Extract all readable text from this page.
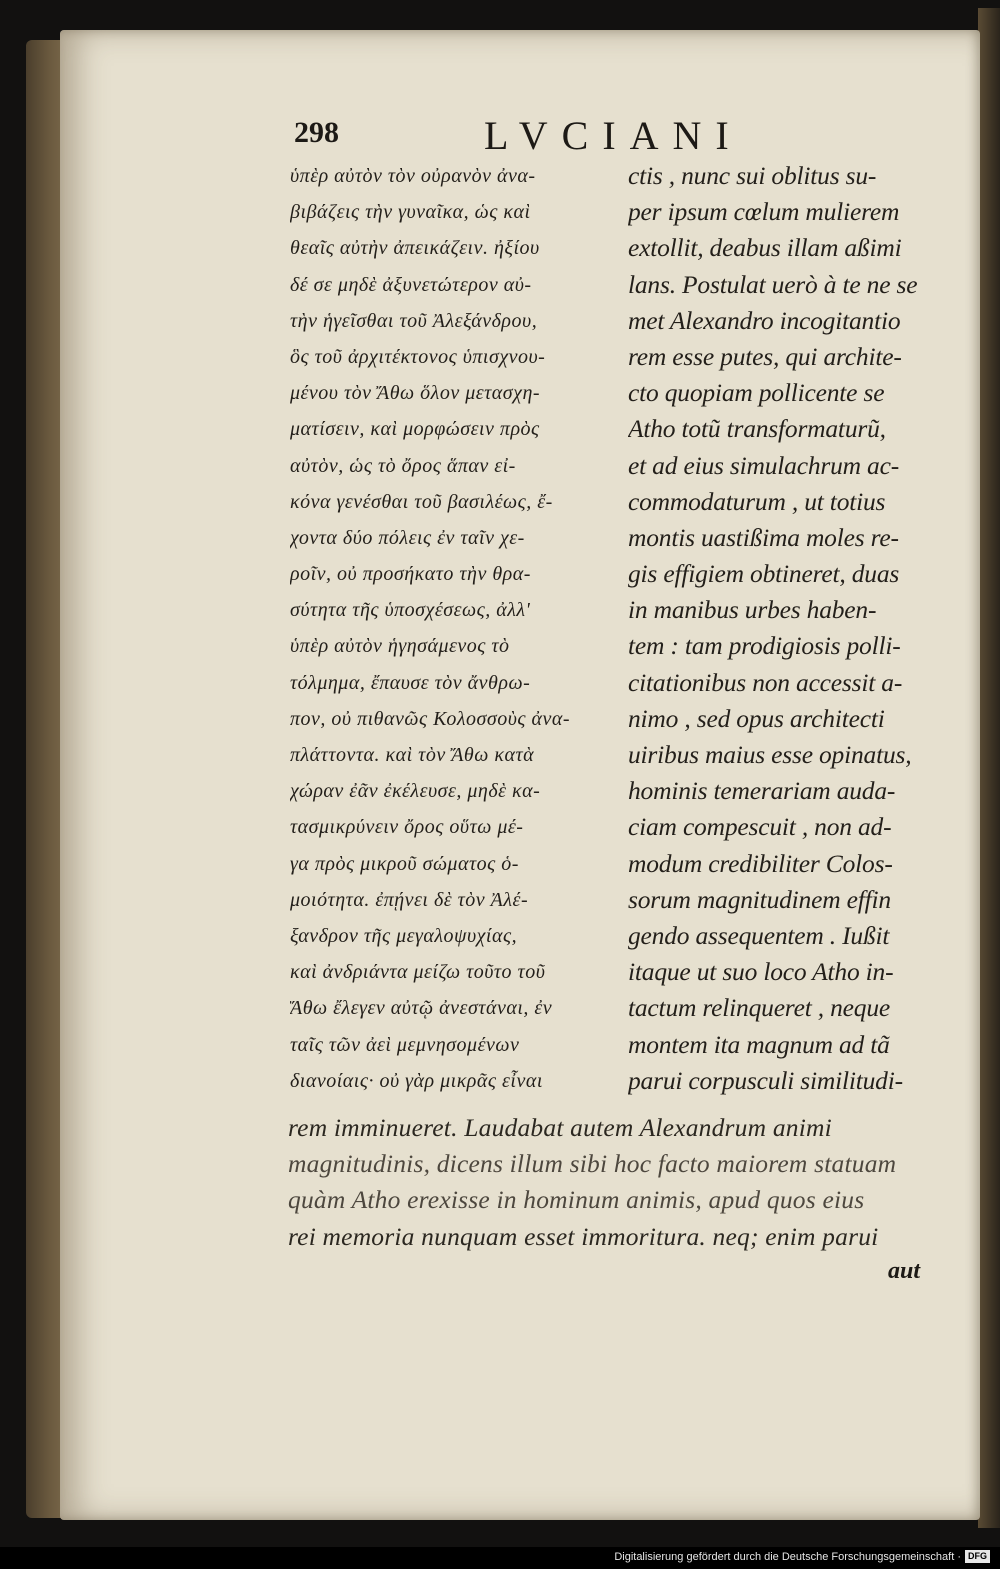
298	LVCIANI
ὑπὲρ αὐτὸν τὸν οὐρανὸν ἀνα-
βιβάζεις τὴν γυναῖκα, ὡς καὶ
θεαῖς αὐτὴν ἀπεικάζειν. ἠξίου
δέ σε μηδὲ ἀξυνετώτερον αὐ-
τὴν ἡγεῖσθαι τοῦ Ἀλεξάνδρου,
ὃς τοῦ ἀρχιτέκτονος ὑπισχνου-
μένου τὸν Ἄθω ὅλον μετασχη-
ματίσειν, καὶ μορφώσειν πρὸς
αὐτὸν, ὡς τὸ ὄρος ἅπαν εἰ-
κόνα γενέσθαι τοῦ βασιλέως, ἔ-
χοντα δύο πόλεις ἐν ταῖν χε-
ροῖν, οὐ προσήκατο τὴν θρα-
σύτητα τῆς ὑποσχέσεως, ἀλλ'
ὑπὲρ αὐτὸν ἡγησάμενος τὸ
τόλμημα, ἔπαυσε τὸν ἄνθρω-
πον, οὐ πιθανῶς Κολοσσοὺς ἀνα-
πλάττοντα. καὶ τὸν Ἄθω κατὰ
χώραν ἐᾶν ἐκέλευσε, μηδὲ κα-
τασμικρύνειν ὄρος οὕτω μέ-
γα πρὸς μικροῦ σώματος ὁ-
μοιότητα. ἐπῄνει δὲ τὸν Ἀλέ-
ξανδρον τῆς μεγαλοψυχίας,
καὶ ἀνδριάντα μείζω τοῦτο τοῦ
Ἄθω ἔλεγεν αὐτῷ ἀνεστάναι, ἐν
ταῖς τῶν ἀεὶ μεμνησομένων
διανοίαις· οὐ γὰρ μικρᾶς εἶναι
ctis , nunc sui oblitus su-
per ipsum cœlum mulierem
extollit, deabus illam aßimi
lans. Postulat uerò à te ne se
met Alexandro incogitantio
rem esse putes, qui archite-
cto quopiam pollicente se
Atho totũ transformaturũ,
et ad eius simulachrum ac-
commodaturum , ut totius
montis uastißima moles re-
gis effigiem obtineret, duas
in manibus urbes haben-
tem : tam prodigiosis polli-
citationibus non accessit a-
nimo , sed opus architecti
uiribus maius esse opinatus,
hominis temerariam auda-
ciam compescuit , non ad-
modum credibiliter Colos-
sorum magnitudinem effin
gendo assequentem . Iußit
itaque ut suo loco Atho in-
tactum relinqueret , neque
montem ita magnum ad tã
parui corpusculi similitudi-
rem imminueret. Laudabat autem Alexandrum animi
magnitudinis, dicens illum sibi hoc facto maiorem statuam
quàm Atho erexisse in hominum animis, apud quos eius
rei memoria nunquam esset immoritura. neq; enim parui
aut
Digitalisierung gefördert durch die Deutsche Forschungsgemeinschaft · DFG
